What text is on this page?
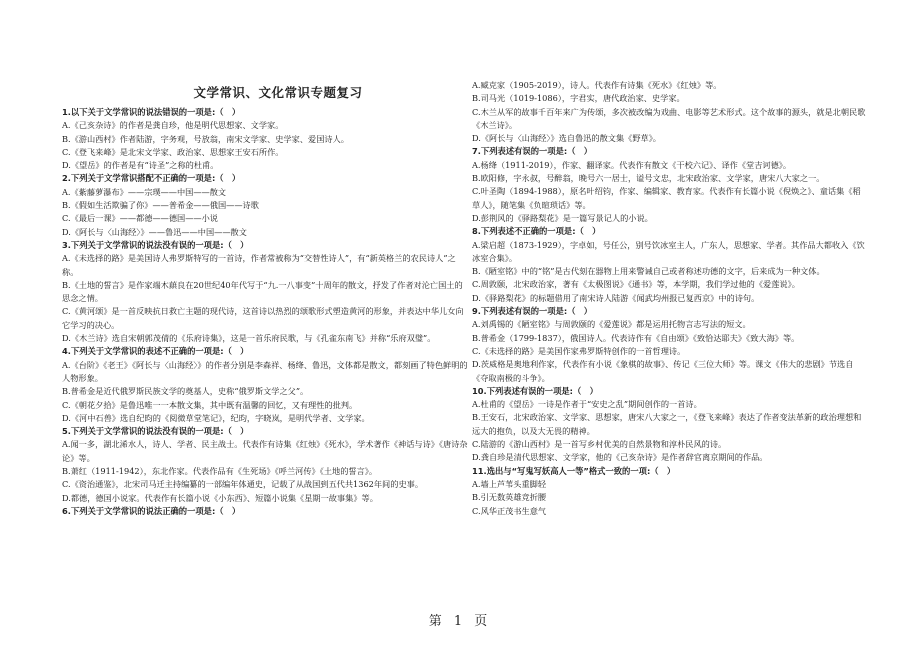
文学常识、文化常识专题复习
1.以下关于文学常识的说法错误的一项是:（　）
A.《己亥杂诗》的作者是龚自珍，他是明代思想家、文学家。
B.《游山西村》作者陆游，字务观，号放翁，南宋文学家、史学家、爱国诗人。
C.《登飞来峰》是北宋文学家、政治家、思想家王安石所作。
D.《望岳》的作者是有“诗圣”之称的杜甫。
2.下列关于文学常识搭配不正确的一项是:（　）
A.《紫藤萝瀑布》——宗璞——中国——散文
B.《假如生活欺骗了你》——普希金——俄国——诗歌
C.《最后一课》——都德——德国——小说
D.《阿长与〈山海经〉》——鲁迅——中国——散文
3.下列关于文学常识的说法没有误的一项是:（　）
A.《未选择的路》是美国诗人弗罗斯特写的一首诗，作者常被称为“交替性诗人”，有“新英格兰的农民诗人”之称。
B.《土地的誓言》是作家端木蕻良在20世纪40年代写于“九.一八事变”十周年的散文，抒发了作者对沦亡国土的思念之情。
C.《黄河颂》是一首反映抗日救亡主题的现代诗，这首诗以热烈的颂歌形式塑造黄河的形象，并表达中华儿女向它学习的决心。
D.《木兰诗》选自宋朝郭茂倩的《乐府诗集》，这是一首乐府民歌，与《孔雀东南飞》并称“乐府双璧”。
4.下列关于文学常识的表述不正确的一项是:（　）
A.《台阶》《老王》《阿长与〈山海经〉》的作者分别是李森祥、杨绛、鲁迅，文体都是散文，都刻画了特色鲜明的人物形象。
B.普希金是近代俄罗斯民族文学的奠基人，史称“俄罗斯文学之父”。
C.《朝花夕拾》是鲁迅唯一一本散文集，其中既有温馨的回忆，又有理性的批判。
D.《河中石兽》选自纪昀的《阅微草堂笔记》，纪昀，字晓岚，是明代学者、文学家。
5.下列关于文学常识的说法没有误的一项是:（　）
A.闻一多，湖北浠水人，诗人、学者、民主战士。代表作有诗集《红烛》《死水》，学术著作《神话与诗》《唐诗杂论》等。
B.萧红（1911-1942），东北作家。代表作品有《生死场》《呼兰河传》《土地的誓言》。
C.《资治通鉴》，北宋司马迁主持编纂的一部编年体通史，记载了从战国到五代共1362年间的史事。
D.都德，德国小说家。代表作有长篇小说《小东西》、短篇小说集《星期一故事集》等。
6.下列关于文学常识的说法正确的一项是:（　）
A.臧克家（1905-2019），诗人。代表作有诗集《死水》《红烛》等。
B.司马光（1019-1086），字君实，唐代政治家、史学家。
C.木兰从军的故事千百年来广为传颂，多次被改编为戏曲、电影等艺术形式。这个故事的源头，就是北朝民歌《木兰诗》。
D.《阿长与〈山海经〉》选自鲁迅的散文集《野草》。
7.下列表述有误的一项是:（　）
A.杨绛（1911-2019），作家、翻译家。代表作有散文《干校六记》、译作《堂吉诃德》。
B.欧阳修，字永叔，号醉翁，晚号六一居士，谥号文忠，北宋政治家、文学家，唐宋八大家之一。
C.叶圣陶（1894-1988），原名叶绍钧，作家、编辑家、教育家。代表作有长篇小说《倪焕之》、童话集《稻草人》，随笔集《负暄琐话》等。
D.彭荆风的《驿路梨花》是一篇写景记人的小说。
8.下列表述不正确的一项是:（　）
A.梁启超（1873-1929），字卓如，号任公，别号饮冰室主人，广东人，思想家、学者。其作品大都收入《饮冰室合集》。
B.《陋室铭》中的“铭”是古代刻在器物上用来警诫自己或者称述功德的文字，后来成为一种文体。
C.周敦颐，北宋政治家，著有《太极图说》《通书》等，本学期，我们学过他的《爱莲说》。
D.《驿路梨花》的标题借用了南宋诗人陆游《闻武均州报已复西京》中的诗句。
9.下列表述有误的一项是:（　）
A.刘禹锡的《陋室铭》与周敦颐的《爱莲说》都是运用托物言志写法的短文。
B.普希金（1799-1837），俄国诗人。代表诗作有《自由颂》《致恰达耶夫》《致大海》等。
C.《未选择的路》是美国作家弗罗斯特创作的一首哲理诗。
D.茨威格是奥地利作家，代表作有小说《象棋的故事》、传记《三位大师》等。课文《伟大的悲剧》节选自《夺取南极的斗争》。
10.下列表述有误的一项是:（　）
A.杜甫的《望岳》一诗是作者于“安史之乱”期间创作的一首诗。
B.王安石，北宋政治家、文学家、思想家，唐宋八大家之一，《登飞来峰》表达了作者变法革新的政治理想和远大的抱负，以及大无畏的精神。
C.陆游的《游山西村》是一首写乡村优美的自然景物和淳朴民风的诗。
D.龚自珍是清代思想家、文学家，他的《己亥杂诗》是作者辞官离京期间的作品。
11.选出与“写鬼写妖高人一等”格式一致的一项:（　）
A.墙上芦苇头重脚轻
B.引无数英雄竞折腰
C.风华正茂书生意气
第 1 页
